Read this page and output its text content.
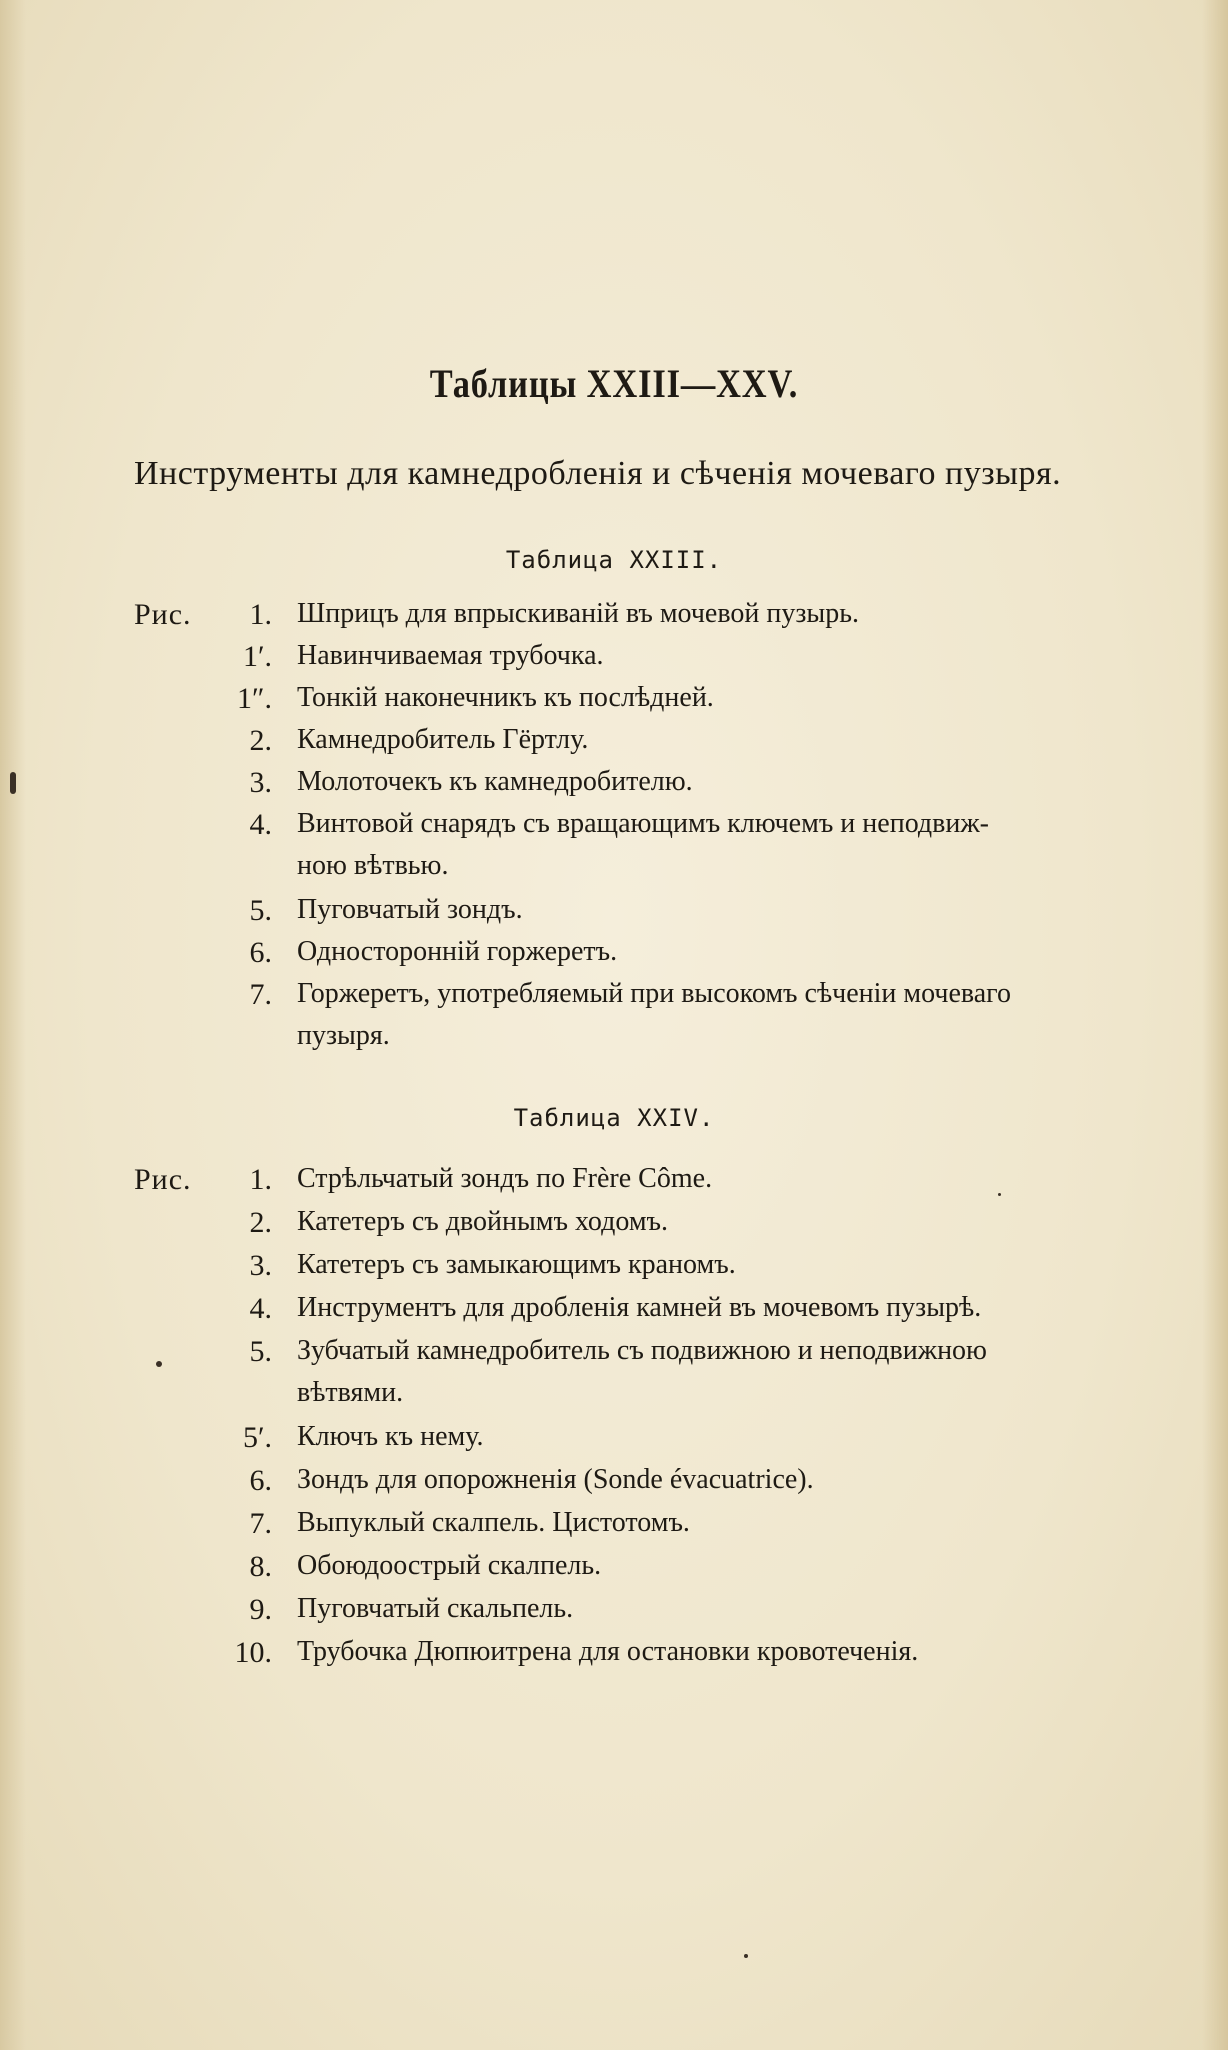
Таблицы XXIII—XXV.
Инструменты для камнедробленія и сѣченія мочеваго пузыря.
Таблица XXIII.
Рис.	1. Шприцъ для впрыскиваній въ мочевой пузырь.
1′. Навинчиваемая трубочка.
1″. Тонкій наконечникъ къ послѣдней.
2. Камнедробитель Гёртлу.
3. Молоточекъ къ камнедробителю.
4. Винтовой снарядъ съ вращающимъ ключемъ и неподвиж-
ною вѣтвью.
5. Пуговчатый зондъ.
6. Односторонній горжеретъ.
7. Горжеретъ, употребляемый при высокомъ сѣченіи мочеваго
пузыря.
Таблица XXIV.
Рис.	1. Стрѣльчатый зондъ по Frère Côme.
2. Катетеръ съ двойнымъ ходомъ.
3. Катетеръ съ замыкающимъ краномъ.
4. Инструментъ для дробленія камней въ мочевомъ пузырѣ.
5. Зубчатый камнедробитель съ подвижною и неподвижною
вѣтвями.
5′. Ключъ къ нему.
6. Зондъ для опорожненія (Sonde évacuatrice).
7. Выпуклый скалпель. Цистотомъ.
8. Обоюдоострый скалпель.
9. Пуговчатый скальпель.
10. Трубочка Дюпюитрена для остановки кровотеченія.
